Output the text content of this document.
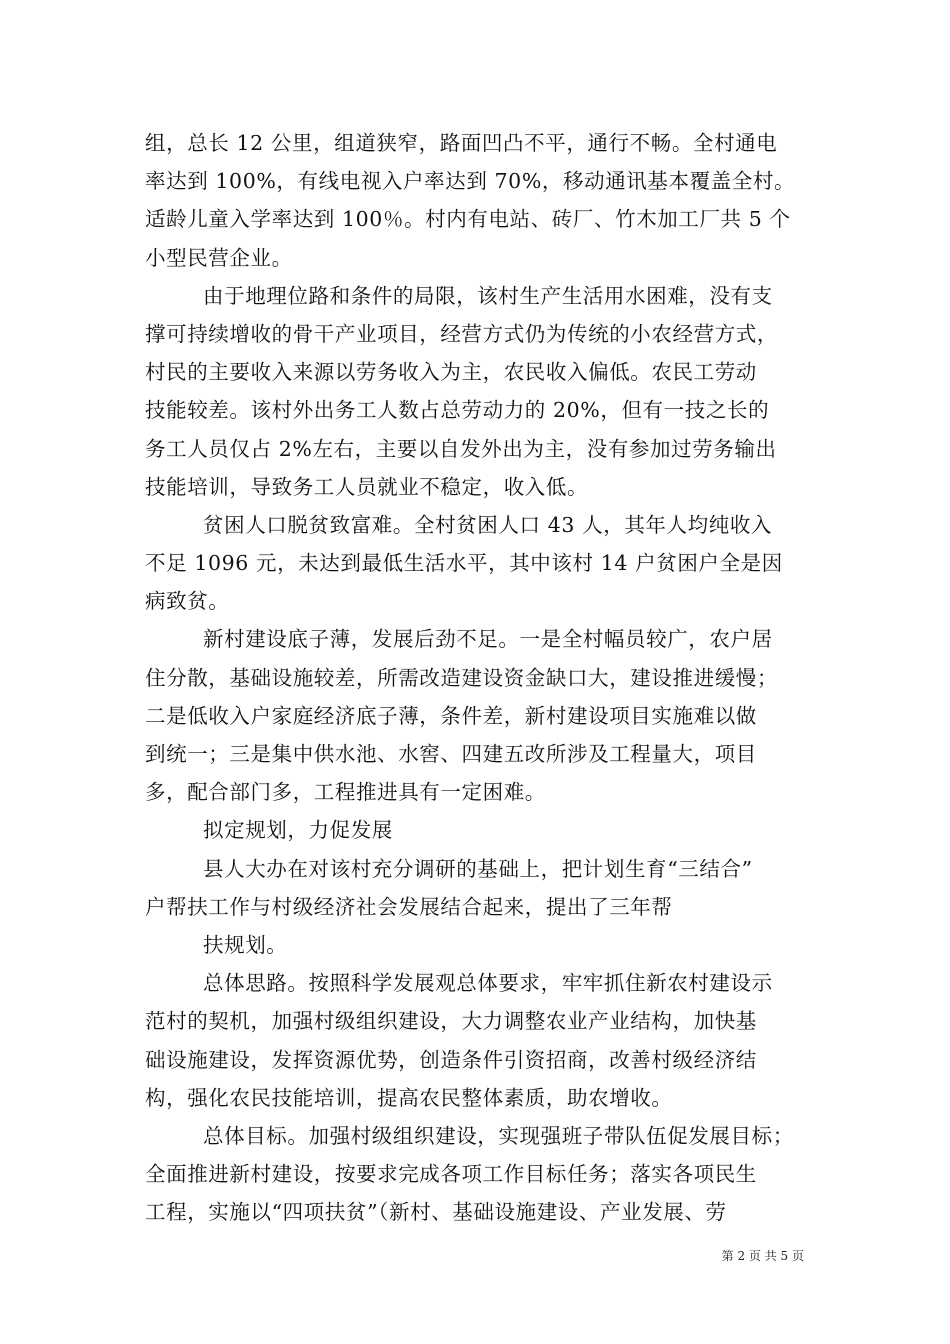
组，总长 12 公里，组道狭窄，路面凹凸不平，通行不畅。全村通电
率达到 100%，有线电视入户率达到 70%，移动通讯基本覆盖全村。
适龄儿童入学率达到 100％。村内有电站、砖厂、竹木加工厂共 5 个
小型民营企业。
由于地理位路和条件的局限，该村生产生活用水困难，没有支
撑可持续增收的骨干产业项目，经营方式仍为传统的小农经营方式，
村民的主要收入来源以劳务收入为主，农民收入偏低。农民工劳动
技能较差。该村外出务工人数占总劳动力的 20%，但有一技之长的
务工人员仅占 2%左右，主要以自发外出为主，没有参加过劳务输出
技能培训，导致务工人员就业不稳定，收入低。
贫困人口脱贫致富难。全村贫困人口 43 人，其年人均纯收入
不足 1096 元，未达到最低生活水平，其中该村 14 户贫困户全是因
病致贫。
新村建设底子薄，发展后劲不足。一是全村幅员较广，农户居
住分散，基础设施较差，所需改造建设资金缺口大，建设推进缓慢；
二是低收入户家庭经济底子薄，条件差，新村建设项目实施难以做
到统一；三是集中供水池、水窖、四建五改所涉及工程量大，项目
多，配合部门多，工程推进具有一定困难。
拟定规划，力促发展
县人大办在对该村充分调研的基础上，把计划生育“三结合”
户帮扶工作与村级经济社会发展结合起来，提出了三年帮
扶规划。
总体思路。按照科学发展观总体要求，牢牢抓住新农村建设示
范村的契机，加强村级组织建设，大力调整农业产业结构，加快基
础设施建设，发挥资源优势，创造条件引资招商，改善村级经济结
构，强化农民技能培训，提高农民整体素质，助农增收。
总体目标。加强村级组织建设，实现强班子带队伍促发展目标；
全面推进新村建设，按要求完成各项工作目标任务；落实各项民生
工程，实施以“四项扶贫”（新村、基础设施建设、产业发展、劳
第 2 页 共 5 页
